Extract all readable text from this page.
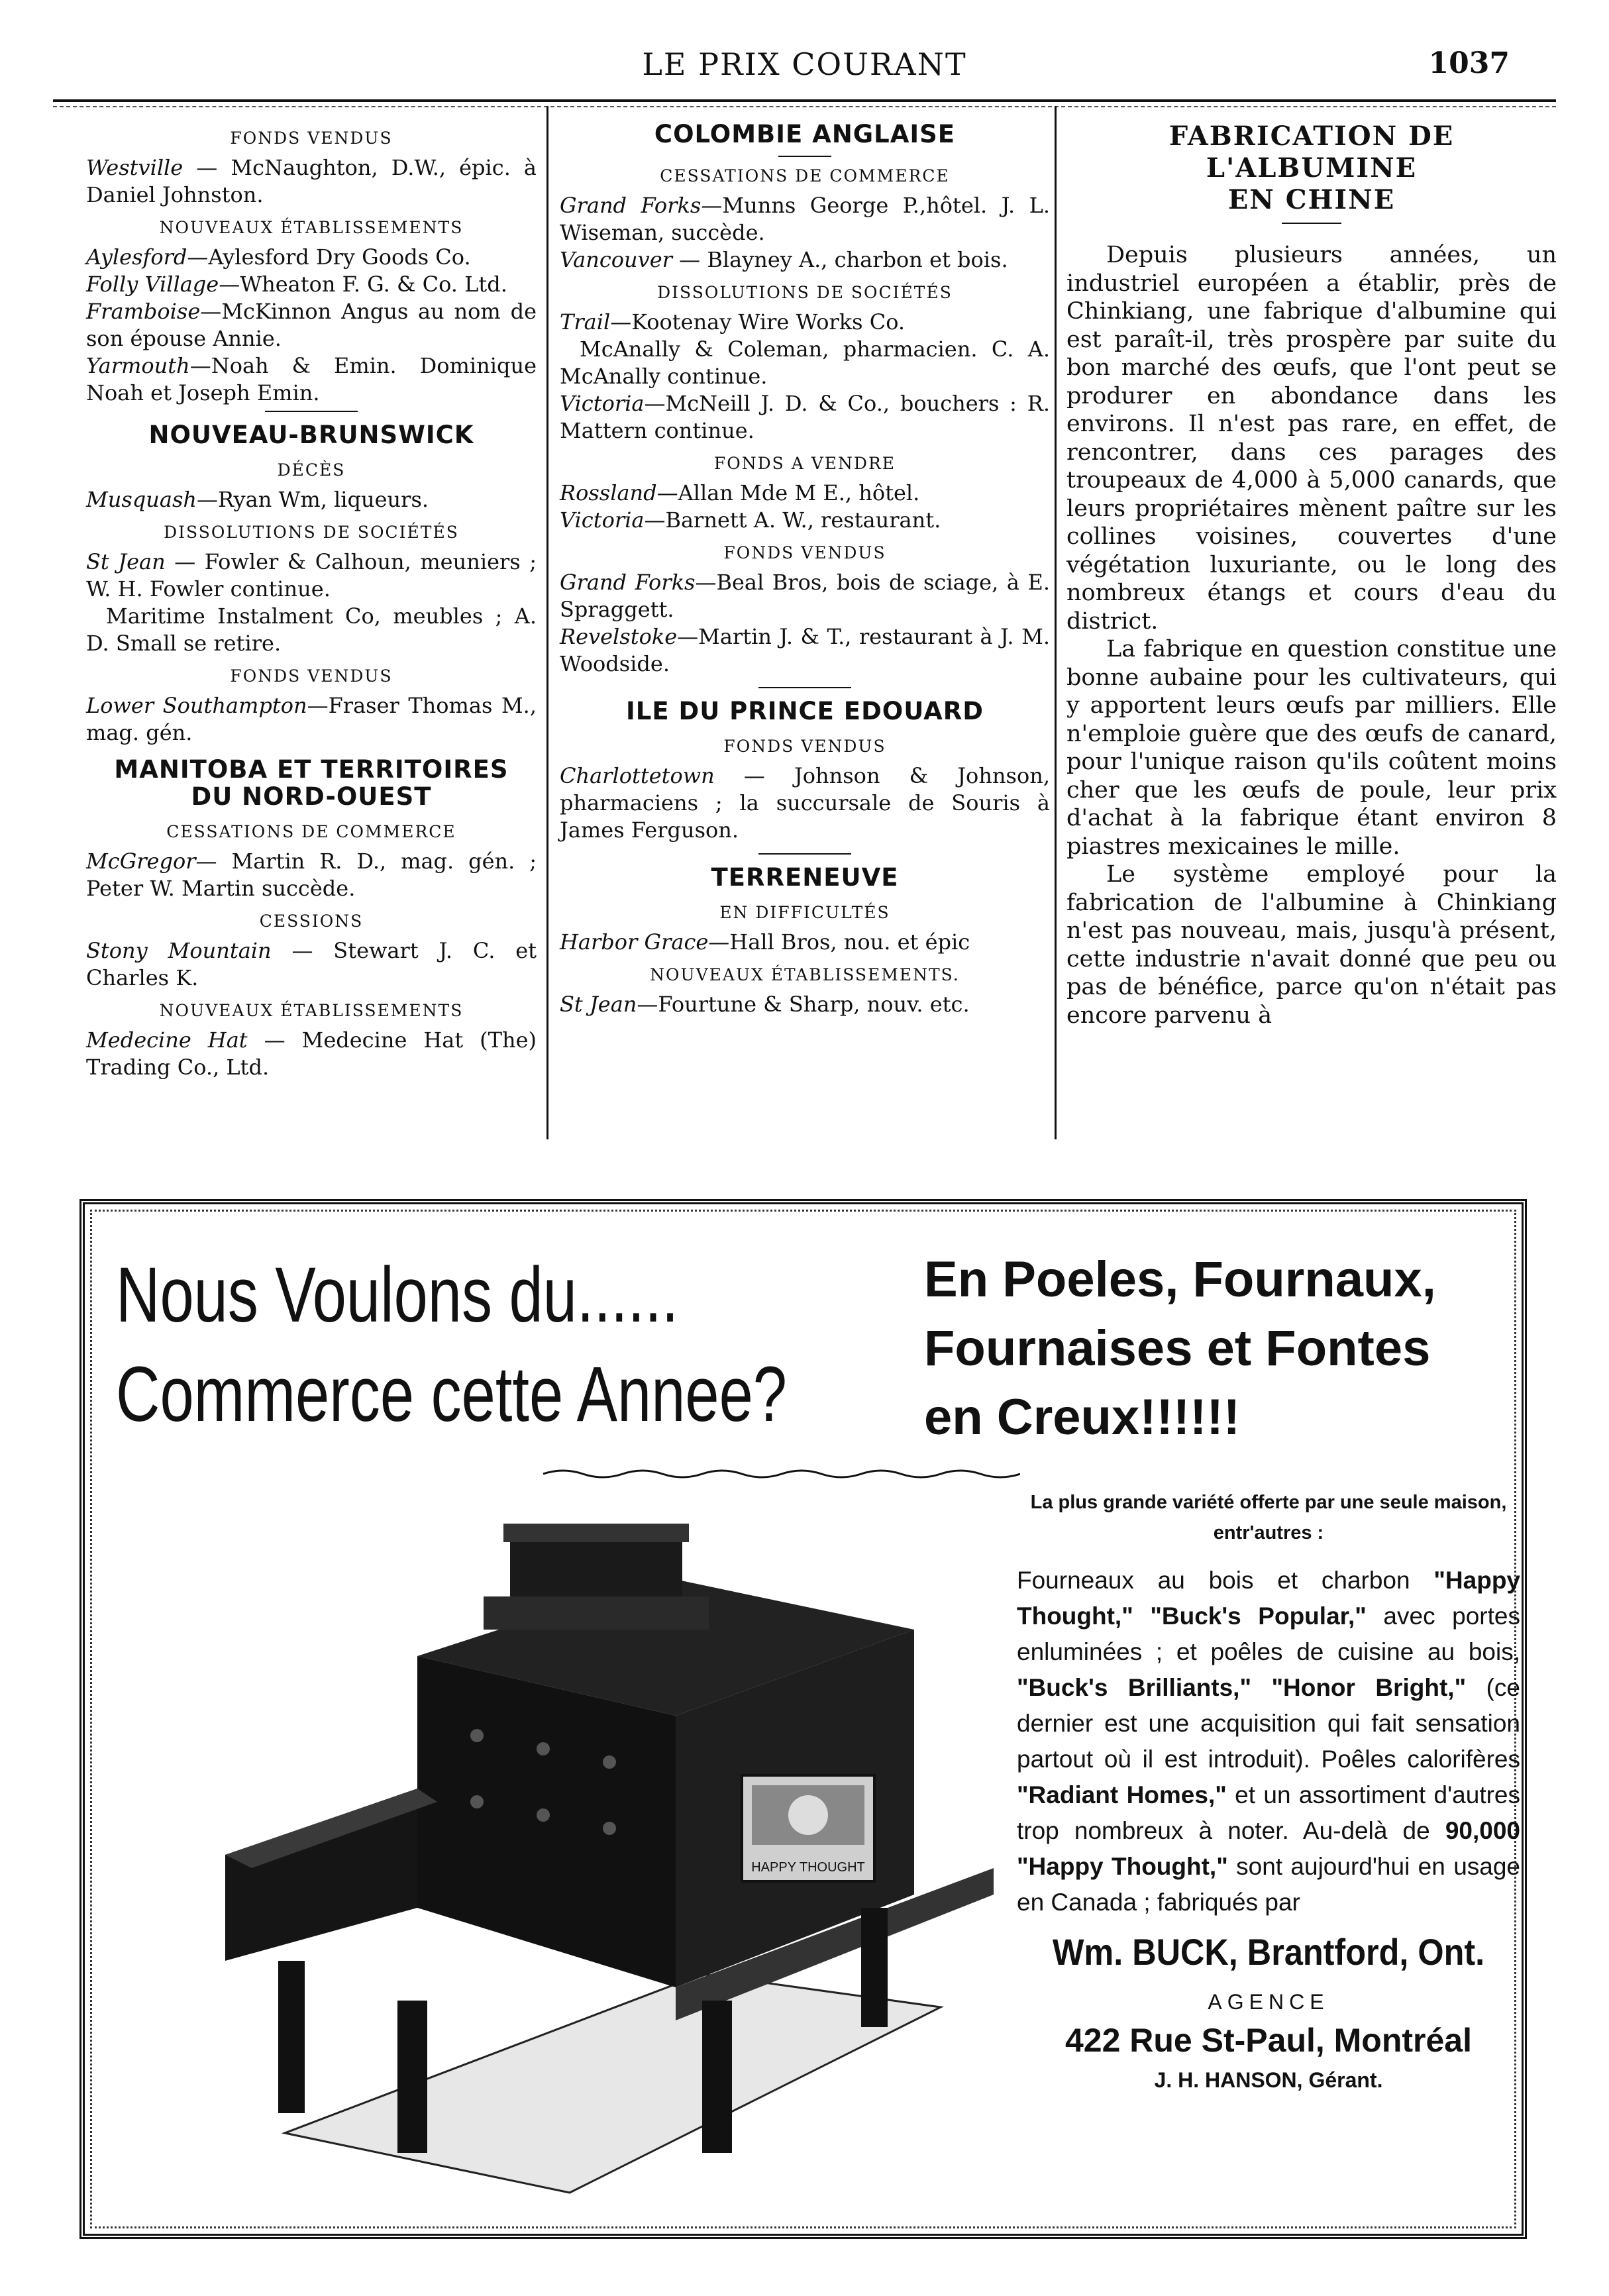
LE PRIX COURANT	1037
FONDS VENDUS

Westville — McNaughton, D.W., épic. à Daniel Johnston.

NOUVEAUX ÉTABLISSEMENTS

Aylesford—Aylesford Dry Goods Co.

Folly Village—Wheaton F. G. & Co. Ltd.

Framboise—McKinnon Angus au nom de son épouse Annie.

Yarmouth—Noah & Emin. Dominique Noah et Joseph Emin.

NOUVEAU-BRUNSWICK
DÉCÈS

Musquash—Ryan Wm, liqueurs.

DISSOLUTIONS DE SOCIÉTÉS

St Jean — Fowler & Calhoun, meuniers ; W. H. Fowler continue.

Maritime Instalment Co, meubles ; A. D. Small se retire.

FONDS VENDUS

Lower Southampton—Fraser Thomas M., mag. gén.

MANITOBA ET TERRITOIRES
DU NORD-OUEST
CESSATIONS DE COMMERCE

McGregor— Martin R. D., mag. gén. ; Peter W. Martin succède.

CESSIONS

Stony Mountain — Stewart J. C. et Charles K.

NOUVEAUX ÉTABLISSEMENTS

Medecine Hat — Medecine Hat (The) Trading Co., Ltd.

COLOMBIE ANGLAISE
CESSATIONS DE COMMERCE

Grand Forks—Munns George P.,hôtel. J. L. Wiseman, succède.

Vancouver — Blayney A., charbon et bois.

DISSOLUTIONS DE SOCIÉTÉS

Trail—Kootenay Wire Works Co.

McAnally & Coleman, pharmacien. C. A. McAnally continue.

Victoria—McNeill J. D. & Co., bouchers : R. Mattern continue.

FONDS A VENDRE

Rossland—Allan Mde M E., hôtel.

Victoria—Barnett A. W., restaurant.

FONDS VENDUS

Grand Forks—Beal Bros, bois de sciage, à E. Spraggett.

Revelstoke—Martin J. & T., restaurant à J. M. Woodside.

ILE DU PRINCE EDOUARD
FONDS VENDUS

Charlottetown — Johnson & Johnson, pharmaciens ; la succursale de Souris à James Ferguson.

TERRENEUVE
EN DIFFICULTÉS

Harbor Grace—Hall Bros, nou. et épic

NOUVEAUX ÉTABLISSEMENTS.

St Jean—Fourtune & Sharp, nouv. etc.

FABRICATION DE L'ALBUMINE
EN CHINE

Depuis plusieurs années, un industriel européen a établir, près de Chinkiang, une fabrique d'albumine qui est paraît-il, très prospère par suite du bon marché des œufs, que l'ont peut se produrer en abondance dans les environs. Il n'est pas rare, en effet, de rencontrer, dans ces parages des troupeaux de 4,000 à 5,000 canards, que leurs propriétaires mènent paître sur les collines voisines, couvertes d'une végétation luxuriante, ou le long des nombreux étangs et cours d'eau du district.

La fabrique en question constitue une bonne aubaine pour les cultivateurs, qui y apportent leurs œufs par milliers. Elle n'emploie guère que des œufs de canard, pour l'unique raison qu'ils coûtent moins cher que les œufs de poule, leur prix d'achat à la fabrique étant environ 8 piastres mexicaines le mille.

Le système employé pour la fabrication de l'albumine à Chinkiang n'est pas nouveau, mais, jusqu'à présent, cette industrie n'avait donné que peu ou pas de bénéfice, parce qu'on n'était pas encore parvenu à

Nous Voulons du......
Commerce cette Annee?
En Poeles, Fournaux,
Fournaises et Fontes
en Creux!!!!!!
HAPPY THOUGHT

La plus grande variété offerte par une seule maison, entr'autres :

Fourneaux au bois et charbon "Happy Thought," "Buck's Popular," avec portes enluminées ; et poêles de cuisine au bois, "Buck's Brilliants," "Honor Bright," (ce dernier est une acquisition qui fait sensation partout où il est introduit). Poêles calorifères "Radiant Homes," et un assortiment d'autres trop nombreux à noter. Au-delà de 90,000 "Happy Thought," sont aujourd'hui en usage en Canada ; fabriqués par

Wm. BUCK, Brantford, Ont.

AGENCE

422 Rue St-Paul, Montréal

J. H. HANSON, Gérant.
